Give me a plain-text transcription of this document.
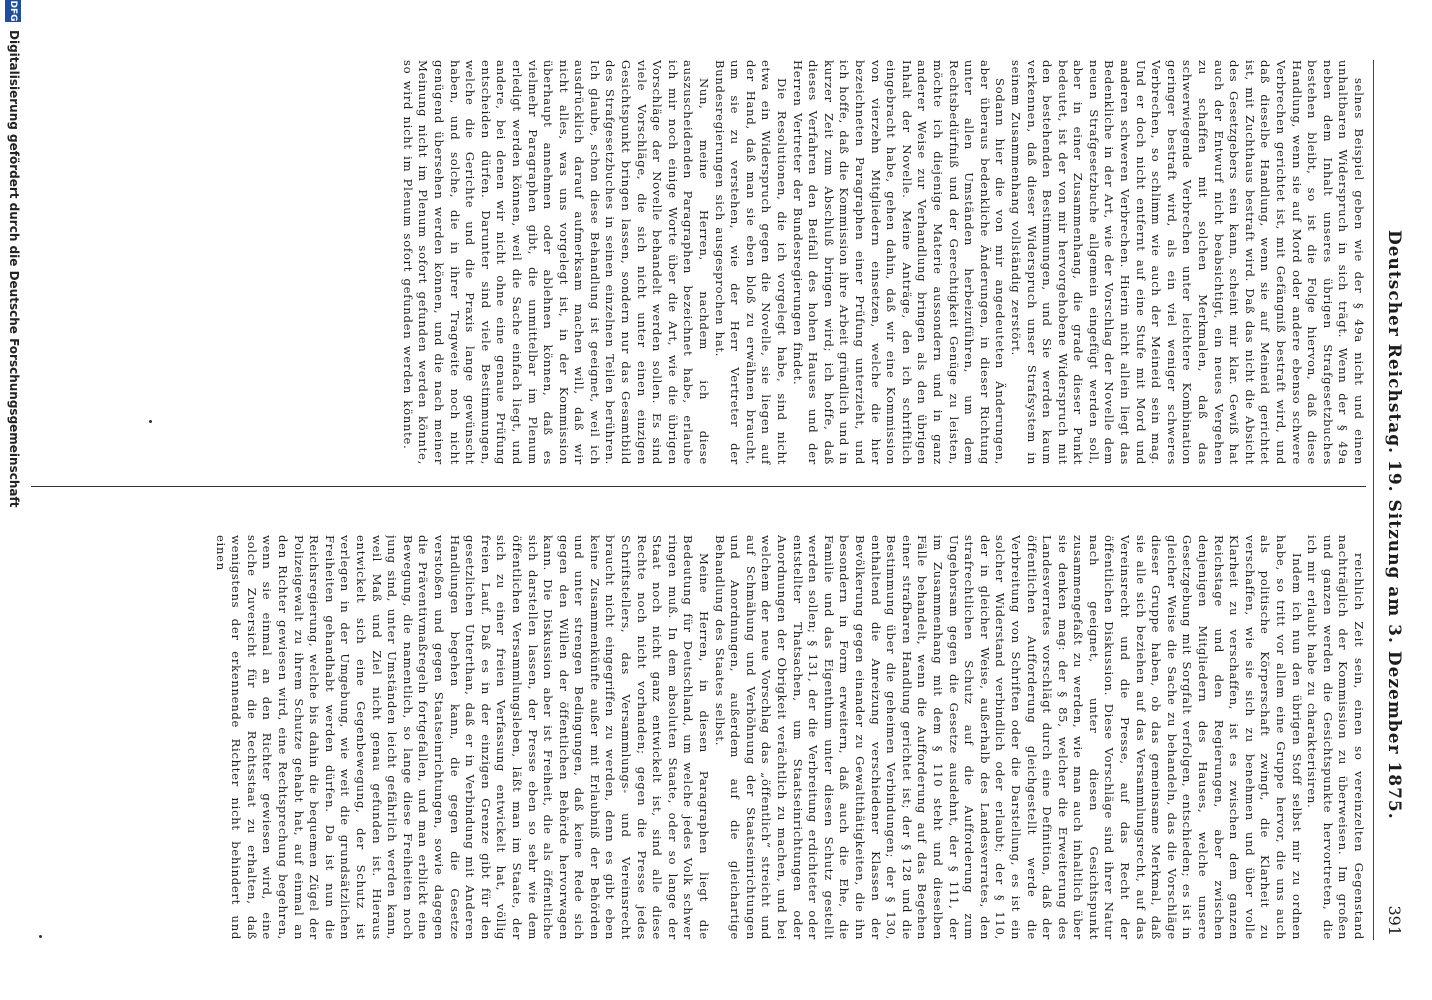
Deutscher Reichstag.
19. Sitzung am 3. Dezember 1875.
391

selnes Beispiel geben wie der § 49a nicht und einen unhaltbaren Widerspruch in sich trägt. Wenn der § 49a neben dem Inhalt unseres übrigen Strafgesetzbuches bestehen bleibt, so ist die Folge hiervon, daß diese Handlung, wenn sie auf Mord oder andere ebenso schwere Verbrechen gerichtet ist, mit Gefängniß bestraft wird, und daß dieselbe Handlung, wenn sie auf Meineid gerichtet ist, mit Zuchthaus bestraft wird. Daß das nicht die Absicht des Gesetzgebers sein kann, scheint mir klar. Gewiß hat auch der Entwurf nicht beabsichtigt, ein neues Vergehen zu schaffen mit solchen Merkmalen, daß das schwerwiegende Verbrechen unter leichtere Kombination geringer bestraft wird, als ein viel weniger schweres Verbrechen, so schlimm wie auch der Meineid sein mag. Und er doch nicht entfernt auf eine Stufe mit Mord und anderen schweren Verbrechen. Hierin nicht allein liegt das Bedenkliche in der Art, wie der Vorschlag der Novelle dem neuen Strafgesetzbuche allgemein eingefügt werden soll, aber in einer Zusammenhang, die grade dieser Punkt bedeutet, ist der von mir hervorgehobene Widerspruch mit den bestehenden Bestimmungen, und Sie werden kaum verkennen, daß dieser Widerspruch unser Strafsystem in seinem Zusammenhang vollständig zerstört.

Sodann hier die von mir angedeuteten Änderungen, aber überaus bedenkliche Änderungen, in dieser Richtung unter allen Umständen herbeizuführen, um dem Rechtsbedürfniß und der Gerechtigkeit Genüge zu leisten, möchte ich diejenige Materie aussondern und in ganz anderer Weise zur Verhandlung bringen als den übrigen Inhalt der Novelle. Meine Anträge, den ich schriftlich eingebracht habe, gehen dahin, daß wir eine Kommission von vierzehn Mitgliedern einsetzen, welche die hier bezeichneten Paragraphen einer Prüfung unterzieht, und ich hoffe, daß die Kommission ihre Arbeit gründlich und in kurzer Zeit zum Abschluß bringen wird; ich hoffe, daß dieses Verfahren den Beifall des hohen Hauses und der Herren Vertreter der Bundesregierungen findet.

Die Resolutionen, die ich vorgelegt habe, sind nicht etwa ein Widerspruch gegen die Novelle, sie liegen auf der Hand, daß man sie eben bloß zu erwähnen braucht, um sie zu verstehen, wie der Herr Vertreter der Bundesregierungen sich ausgesprochen hat.

Nun, meine Herren, nachdem ich diese auszuscheidenden Paragraphen bezeichnet habe, erlaube ich mir noch einige Worte über die Art, wie die übrigen Vorschläge der Novelle behandelt werden sollen. Es sind viele Vorschläge, die sich nicht unter einen einzigen Gesichtspunkt bringen lassen, sondern nur das Gesamtbild des Strafgesetzbuches in seinen einzelnen Teilen berühren. Ich glaube, schon diese Behandlung ist geeignet, weil ich ausdrücklich darauf aufmerksam machen will, daß wir nicht alles, was uns vorgelegt ist, in der Kommission überhaupt annehmen oder ablehnen können, daß es vielmehr Paragraphen gibt, die unmittelbar im Plenum erledigt werden können, weil die Sache einfach liegt, und andere, bei denen wir nicht ohne eine genaue Prüfung entscheiden dürfen. Darunter sind viele Bestimmungen, welche die Gerichte und die Praxis lange gewünscht haben, und solche, die in ihrer Tragweite noch nicht genügend übersehen werden können, und die nach meiner Meinung nicht im Plenum sofort gefunden werden könnte, so wird nicht im Plenum sofort gefunden werden könnte.

reichlich Zeit sein, einen so vereinzelten Gegenstand nachträglich der Kommission zu überweisen. Im großen und ganzen werden die Gesichtspunkte hervortreten, die ich mir erlaubt habe zu charakterisiren.

Indem ich nun den übrigen Stoff selbst mir zu ordnen habe, so tritt vor allem eine Gruppe hervor, die uns auch als politische Körperschaft zwingt, die Klarheit zu verschaffen, wie sie sich zu benehmen und über volle Klarheit zu verschaffen, ist es zwischen dem ganzen Reichstage und den Regierungen, aber zwischen denjenigen Mitgliedern des Hauses, welche unsere Gesetzgebung mit Sorgfalt verfolgen, entschieden; es ist in gleicher Weise die Sache zu behandeln, das die Vorschläge dieser Gruppe haben, ob das gemeinsame Merkmal, daß sie alle sich beziehen auf das Versammlungsrecht, auf das Vereinsrecht und die Presse, auf das Recht der öffentlichen Diskussion. Diese Vorschläge sind ihrer Natur nach geeignet, unter diesen Gesichtspunkt zusammengefaßt zu werden, wie man auch inhaltlich über sie denken mag: der § 85, welcher die Erweiterung des Landesverrates vorschlägt durch eine Definition, daß der öffentlichen Aufforderung gleichgestellt werde die Verbreitung von Schriften oder die Darstellung, es ist ein solcher Widerstand verbindlich oder erlaubt; der § 110, der in gleicher Weise, außerhalb des Landesverrates, den strafrechtlichen Schutz auf die Aufforderung zum Ungehorsam gegen die Gesetze ausdehnt, der § 111, der im Zusammenhang mit dem § 110 steht und dieselben Fälle behandelt, wenn die Aufforderung auf das Begehen einer strafbaren Handlung gerichtet ist; der § 128 und die Bestimmung über die geheimen Verbindungen; der § 130, enthaltend die Anreizung verschiedener Klassen der Bevölkerung gegen einander zu Gewaltthätigkeiten, die ihn besondern in Form erweitern, daß auch die Ehe, die Familie und das Eigenthum unter diesen Schutz gestellt werden sollen; § 131, der die Verbreitung erdichteter oder entstellter Thatsachen, um Staatseinrichtungen oder Anordnungen der Obrigkeit verächtlich zu machen, und bei welchem der neue Vorschlag das „öffentlich“ streicht und auf Schmähung und Verhöhnung der Staatseinrichtungen und Anordnungen, außerdem auf die gleichartige Behandlung des Staates selbst.

Meine Herren, in diesen Paragraphen liegt die Bedeutung für Deutschland, um welche jedes Volk schwer ringen muß. In dem absoluten Staate, oder so lange der Staat noch nicht ganz entwickelt ist, sind alle diese Rechte noch nicht vorhanden; gegen die Presse jedes Schriftstellers, das Versammlungs- und Vereinsrecht braucht nicht eingegriffen zu werden, denn es gibt eben keine Zusammenkünfte außer mit Erlaubniß der Behörden und unter strengen Bedingungen, daß keine Rede sich gegen den Willen der öffentlichen Behörde hervorwagen kann. Die Diskussion aber ist Freiheit, die als öffentliche sich darstellen lassen, der Presse eben so sehr wie dem öffentlichen Versammlungsleben, läßt man im Staate, der sich zu einer freien Verfassung entwickelt hat, völlig freien Lauf. Daß es in der einzigen Grenze gibt für den gesetzlichen Unterthan, daß er in Verbindung mit Anderen Handlungen begehen kann, die gegen die Gesetze verstoßen und gegen Staatseinrichtungen, sowie dagegen die Präventivmaßregeln fortgefallen, und man erblickt eine Bewegung, die namentlich, so lange diese Freiheiten noch jung sind, unter Umständen leicht gefährlich werden kann, weil Maß und Ziel nicht genau gefunden ist. Hieraus entwickelt sich eine Gegenbewegung, der Schutz ist verlegen in der Umgebung, wie weit die grundsätzlichen Freiheiten gehandhabt werden dürfen. Da ist nun die Reichsregierung, welche bis dahin die bequemen Zügel der Polizeigewalt zu ihrem Schutze gehabt hat, auf einmal an den Richter gewiesen wird, eine Rechtsprechung begehren, wenn sie einmal an den Richter gewiesen wird, eine solche Zuversicht für die Rechtsstaat zu erhalten, daß wenigstens der erkennende Richter nicht behindert und einen

DFG
Digitalisierung gefördert durch die Deutsche Forschungsgemeinschaft
